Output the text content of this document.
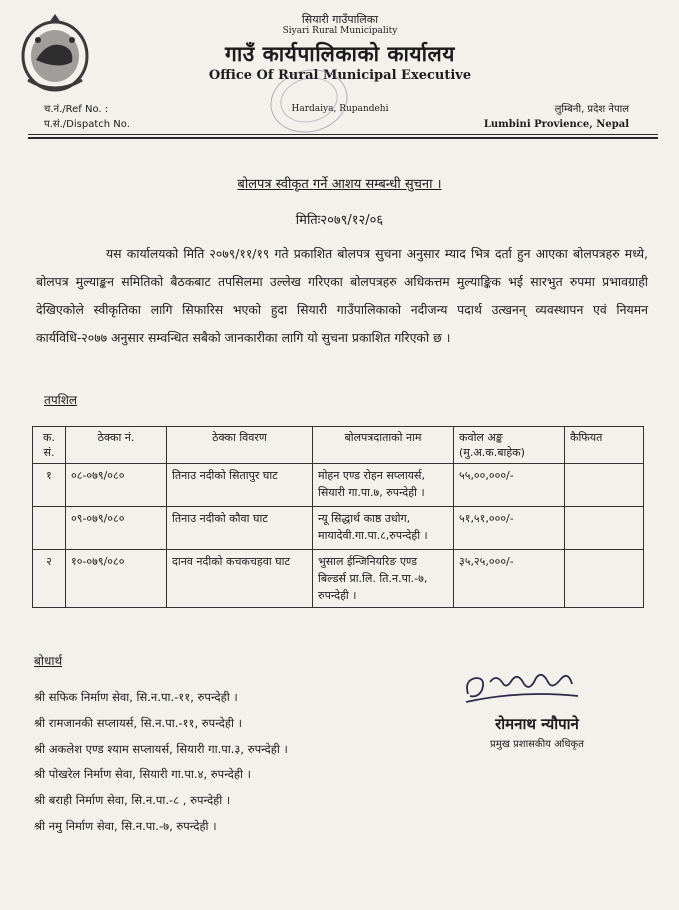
सियारी गाउँपालिका
Siyari Rural Municipality
गाउँ कार्यपालिकाको कार्यालय
Office Of Rural Municipal Executive
Hardaiya, Rupandehi
च.नं./Ref No. :
प.सं./Dispatch No.
लुम्बिनी, प्रदेश नेपाल
Lumbini Provience, Nepal
बोलपत्र स्वीकृत गर्ने आशय सम्बन्धी सुचना ।
मितिः२०७९/१२/०६
यस कार्यालयको मिति २०७९/११/१९ गते प्रकाशित बोलपत्र सुचना अनुसार म्याद भित्र दर्ता हुन आएका बोलपत्रहरु मध्ये, बोलपत्र मुल्याङ्कन समितिको बैठकबाट तपसिलमा उल्लेख गरिएका बोलपत्रहरु अधिकत्तम मुल्याङ्किक भई सारभुत रुपमा प्रभावग्राही देखिएकोले स्वीकृतिका लागि सिफारिस भएको हुदा सियारी गाउँपालिकाको नदीजन्य पदार्थ उत्खनन् व्यवस्थापन एवं नियमन कार्यविधि-२०७७ अनुसार सम्वन्धित सबैको जानकारीका लागि यो सुचना प्रकाशित गरिएको छ ।
तपशिल
क. सं.	ठेक्का नं.	ठेक्का विवरण	बोलपत्रदाताको नाम	कवोल अङ्क (मु.अ.क.बाहेक)	कैफियत
१	०८-०७९/०८०	तिनाउ नदीको सितापुर घाट	मोहन एण्ड रोहन सप्लायर्स, सियारी गा.पा.७, रुपन्देही ।	५५,००,०००/-	
	०९-०७९/०८०	तिनाउ नदीको कौवा घाट	न्यू सिद्धार्थ काष्ठ उधोग, मायादेवी.गा.पा.८,रुपन्देही ।	५१,५१,०००/-	
२	१०-०७९/०८०	दानव नदीको कचकचहवा घाट	भुसाल ईन्जिनियरिङ एण्ड बिल्डर्स प्रा.लि. ति.न.पा.-७, रुपन्देही ।	३५,२५,०००/-	
बोधार्थ
श्री सफिक निर्माण सेवा, सि.न.पा.-११, रुपन्देही ।
श्री रामजानकी सप्लायर्स, सि.न.पा.-११, रुपन्देही ।
श्री अकलेश एण्ड श्याम सप्लायर्स, सियारी गा.पा.३, रुपन्देही ।
श्री पोखरेल निर्माण सेवा, सियारी गा.पा.४, रुपन्देही ।
श्री बराही निर्माण सेवा, सि.न.पा.-८ , रुपन्देही ।
श्री नमु निर्माण सेवा, सि.न.पा.-७, रुपन्देही ।
रोमनाथ न्यौपाने
प्रमुख प्रशासकीय अधिकृत
